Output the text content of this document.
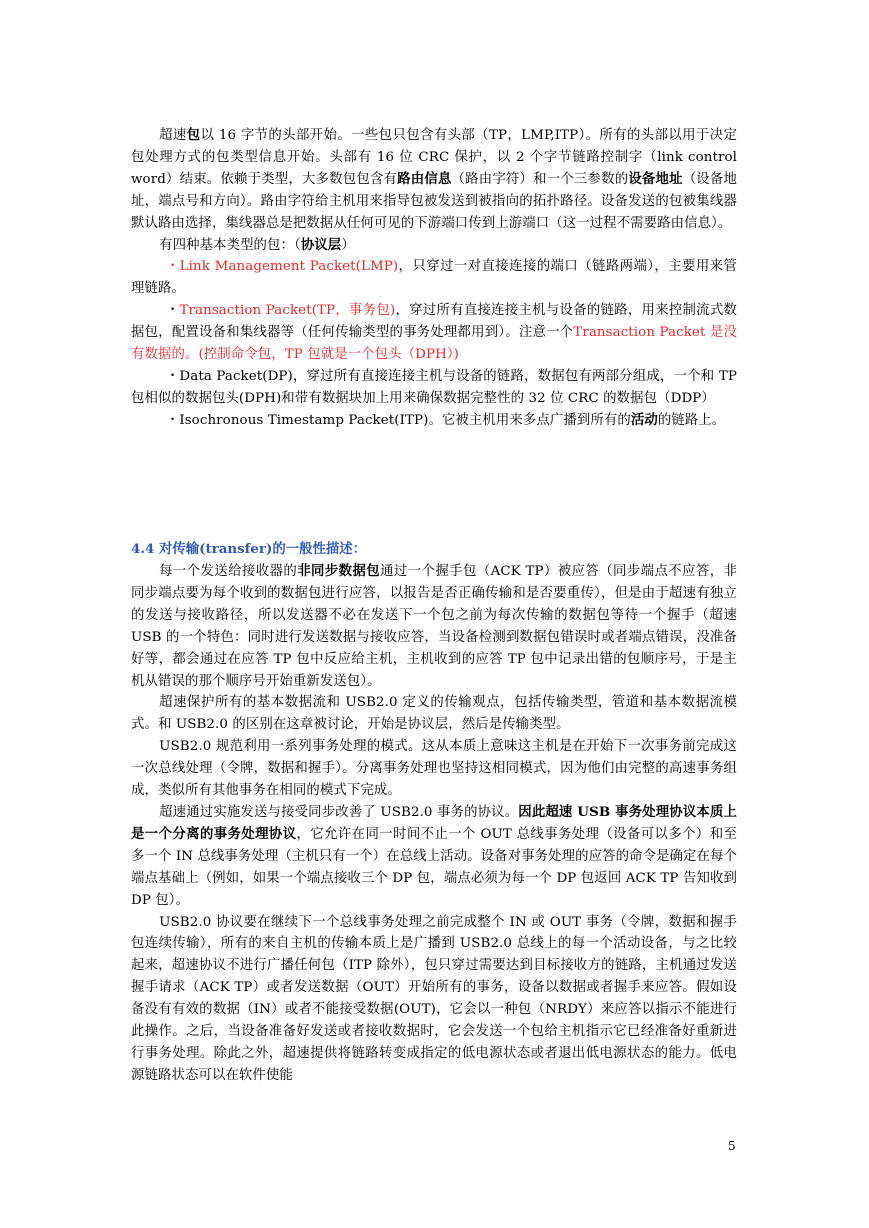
超速包以 16 字节的头部开始。一些包只包含有头部（TP，LMP,ITP）。所有的头部以用于决定包处理方式的包类型信息开始。头部有 16 位 CRC 保护，以 2 个字节链路控制字（link control word）结束。依赖于类型，大多数包包含有路由信息（路由字符）和一个三参数的设备地址（设备地址，端点号和方向）。路由字符给主机用来指导包被发送到被指向的拓扑路径。设备发送的包被集线器默认路由选择，集线器总是把数据从任何可见的下游端口传到上游端口（这一过程不需要路由信息）。

有四种基本类型的包：（协议层）

・Link Management Packet(LMP)，只穿过一对直接连接的端口（链路两端），主要用来管理链路。

・Transaction Packet(TP，事务包)，穿过所有直接连接主机与设备的链路，用来控制流式数据包，配置设备和集线器等（任何传输类型的事务处理都用到）。注意一个Transaction Packet 是没有数据的。(控制命令包，TP 包就是一个包头（DPH）)

・Data Packet(DP)，穿过所有直接连接主机与设备的链路，数据包有两部分组成，一个和 TP 包相似的数据包头(DPH)和带有数据块加上用来确保数据完整性的 32 位 CRC 的数据包（DDP）

・Isochronous Timestamp Packet(ITP)。它被主机用来多点广播到所有的活动的链路上。

4.4 对传输(transfer)的一般性描述：

每一个发送给接收器的非同步数据包通过一个握手包（ACK TP）被应答（同步端点不应答，非同步端点要为每个收到的数据包进行应答，以报告是否正确传输和是否要重传），但是由于超速有独立的发送与接收路径，所以发送器不必在发送下一个包之前为每次传输的数据包等待一个握手（超速 USB 的一个特色：同时进行发送数据与接收应答，当设备检测到数据包错误时或者端点错误，没准备好等，都会通过在应答 TP 包中反应给主机，主机收到的应答 TP 包中记录出错的包顺序号，于是主机从错误的那个顺序号开始重新发送包）。

超速保护所有的基本数据流和 USB2.0 定义的传输观点，包括传输类型，管道和基本数据流模式。和 USB2.0 的区别在这章被讨论，开始是协议层，然后是传输类型。

USB2.0 规范利用一系列事务处理的模式。这从本质上意味这主机是在开始下一次事务前完成这一次总线处理（令牌，数据和握手）。分离事务处理也坚持这相同模式，因为他们由完整的高速事务组成，类似所有其他事务在相同的模式下完成。

超速通过实施发送与接受同步改善了 USB2.0 事务的协议。因此超速 USB 事务处理协议本质上是一个分离的事务处理协议，它允许在同一时间不止一个 OUT 总线事务处理（设备可以多个）和至多一个 IN 总线事务处理（主机只有一个）在总线上活动。设备对事务处理的应答的命令是确定在每个端点基础上（例如，如果一个端点接收三个 DP 包，端点必须为每一个 DP 包返回 ACK TP 告知收到 DP 包）。

USB2.0 协议要在继续下一个总线事务处理之前完成整个 IN 或 OUT 事务（令牌，数据和握手包连续传输），所有的来自主机的传输本质上是广播到 USB2.0 总线上的每一个活动设备，与之比较起来，超速协议不进行广播任何包（ITP 除外），包只穿过需要达到目标接收方的链路，主机通过发送握手请求（ACK TP）或者发送数据（OUT）开始所有的事务，设备以数据或者握手来应答。假如设备没有有效的数据（IN）或者不能接受数据(OUT)，它会以一种包（NRDY）来应答以指示不能进行此操作。之后，当设备准备好发送或者接收数据时，它会发送一个包给主机指示它已经准备好重新进行事务处理。除此之外，超速提供将链路转变成指定的低电源状态或者退出低电源状态的能力。低电源链路状态可以在软件使能

5
